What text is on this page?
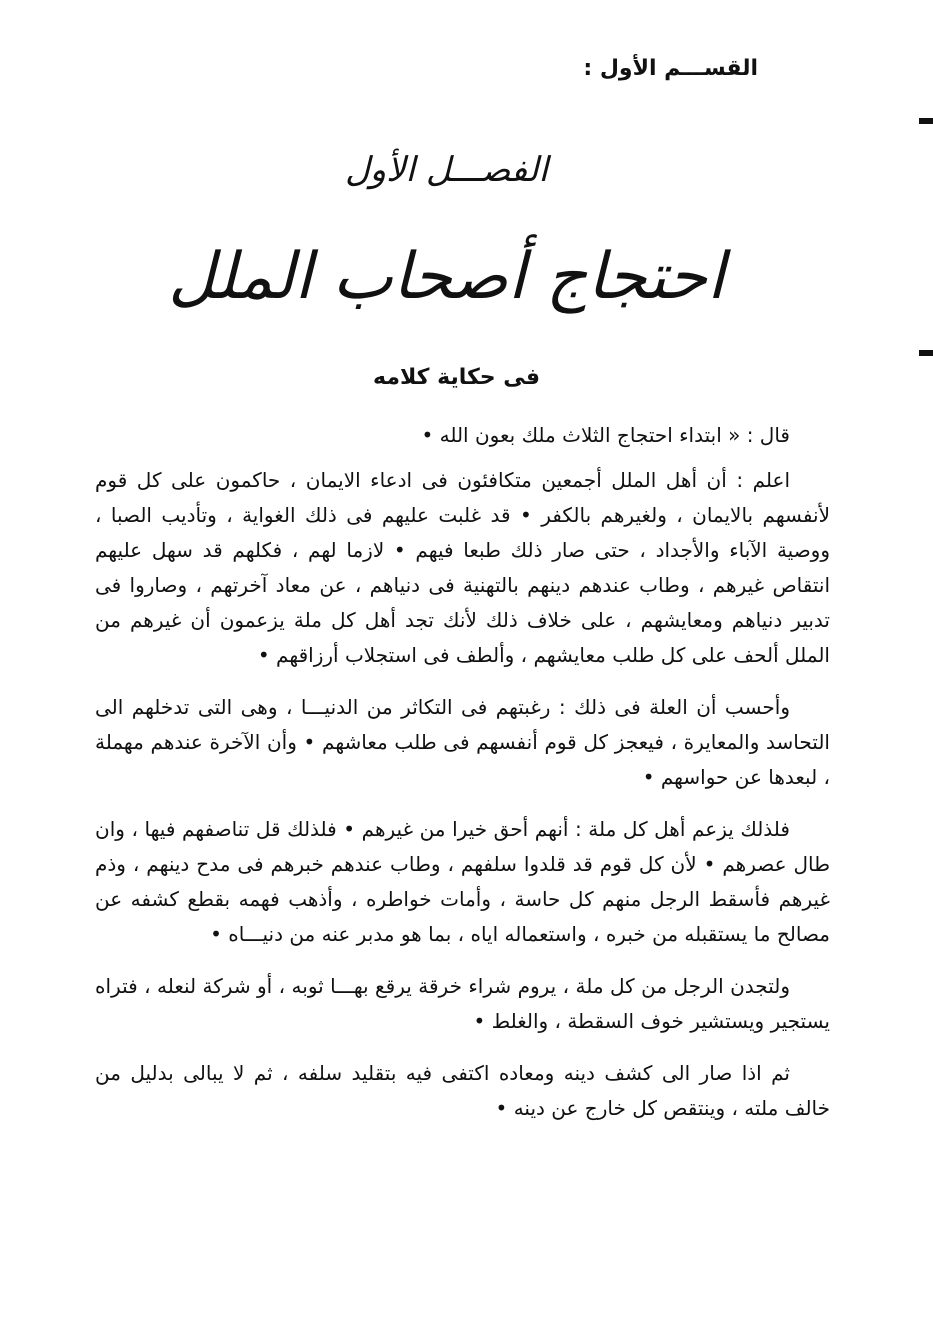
القســـم الأول :
الفصـــل الأول
احتجاج أصحاب الملل
فى حكاية كلامه

قال : « ابتداء احتجاج الثلاث ملك بعون الله •

اعلم : أن أهل الملل أجمعين متكافئون فى ادعاء الايمان ، حاكمون على كل قوم لأنفسهم بالايمان ، ولغيرهم بالكفر • قد غلبت عليهم فى ذلك الغواية ، وتأديب الصبا ، ووصية الآباء والأجداد ، حتى صار ذلك طبعا فيهم • لازما لهم ، فكلهم قد سهل عليهم انتقاص غيرهم ، وطاب عندهم دينهم بالتهنية فى دنياهم ، عن معاد آخرتهم ، وصاروا فى تدبير دنياهم ومعايشهم ، على خلاف ذلك لأنك تجد أهل كل ملة يزعمون أن غيرهم من الملل ألحف على كل طلب معايشهم ، وألطف فى استجلاب أرزاقهم •

وأحسب أن العلة فى ذلك : رغبتهم فى التكاثر من الدنيـــا ، وهى التى تدخلهم الى التحاسد والمعايرة ، فيعجز كل قوم أنفسهم فى طلب معاشهم • وأن الآخرة عندهم مهملة ، لبعدها عن حواسهم •

فلذلك يزعم أهل كل ملة : أنهم أحق خيرا من غيرهم • فلذلك قل تناصفهم فيها ، وان طال عصرهم • لأن كل قوم قد قلدوا سلفهم ، وطاب عندهم خبرهم فى مدح دينهم ، وذم غيرهم فأسقط الرجل منهم كل حاسة ، وأمات خواطره ، وأذهب فهمه بقطع كشفه عن مصالح ما يستقبله من خبره ، واستعماله اياه ، بما هو مدبر عنه من دنيـــاه •

ولتجدن الرجل من كل ملة ، يروم شراء خرقة يرقع بهـــا ثوبه ، أو شركة لنعله ، فتراه يستجير ويستشير خوف السقطة ، والغلط •

ثم اذا صار الى كشف دينه ومعاده اكتفى فيه بتقليد سلفه ، ثم لا يبالى بدليل من خالف ملته ، وينتقص كل خارج عن دينه •
